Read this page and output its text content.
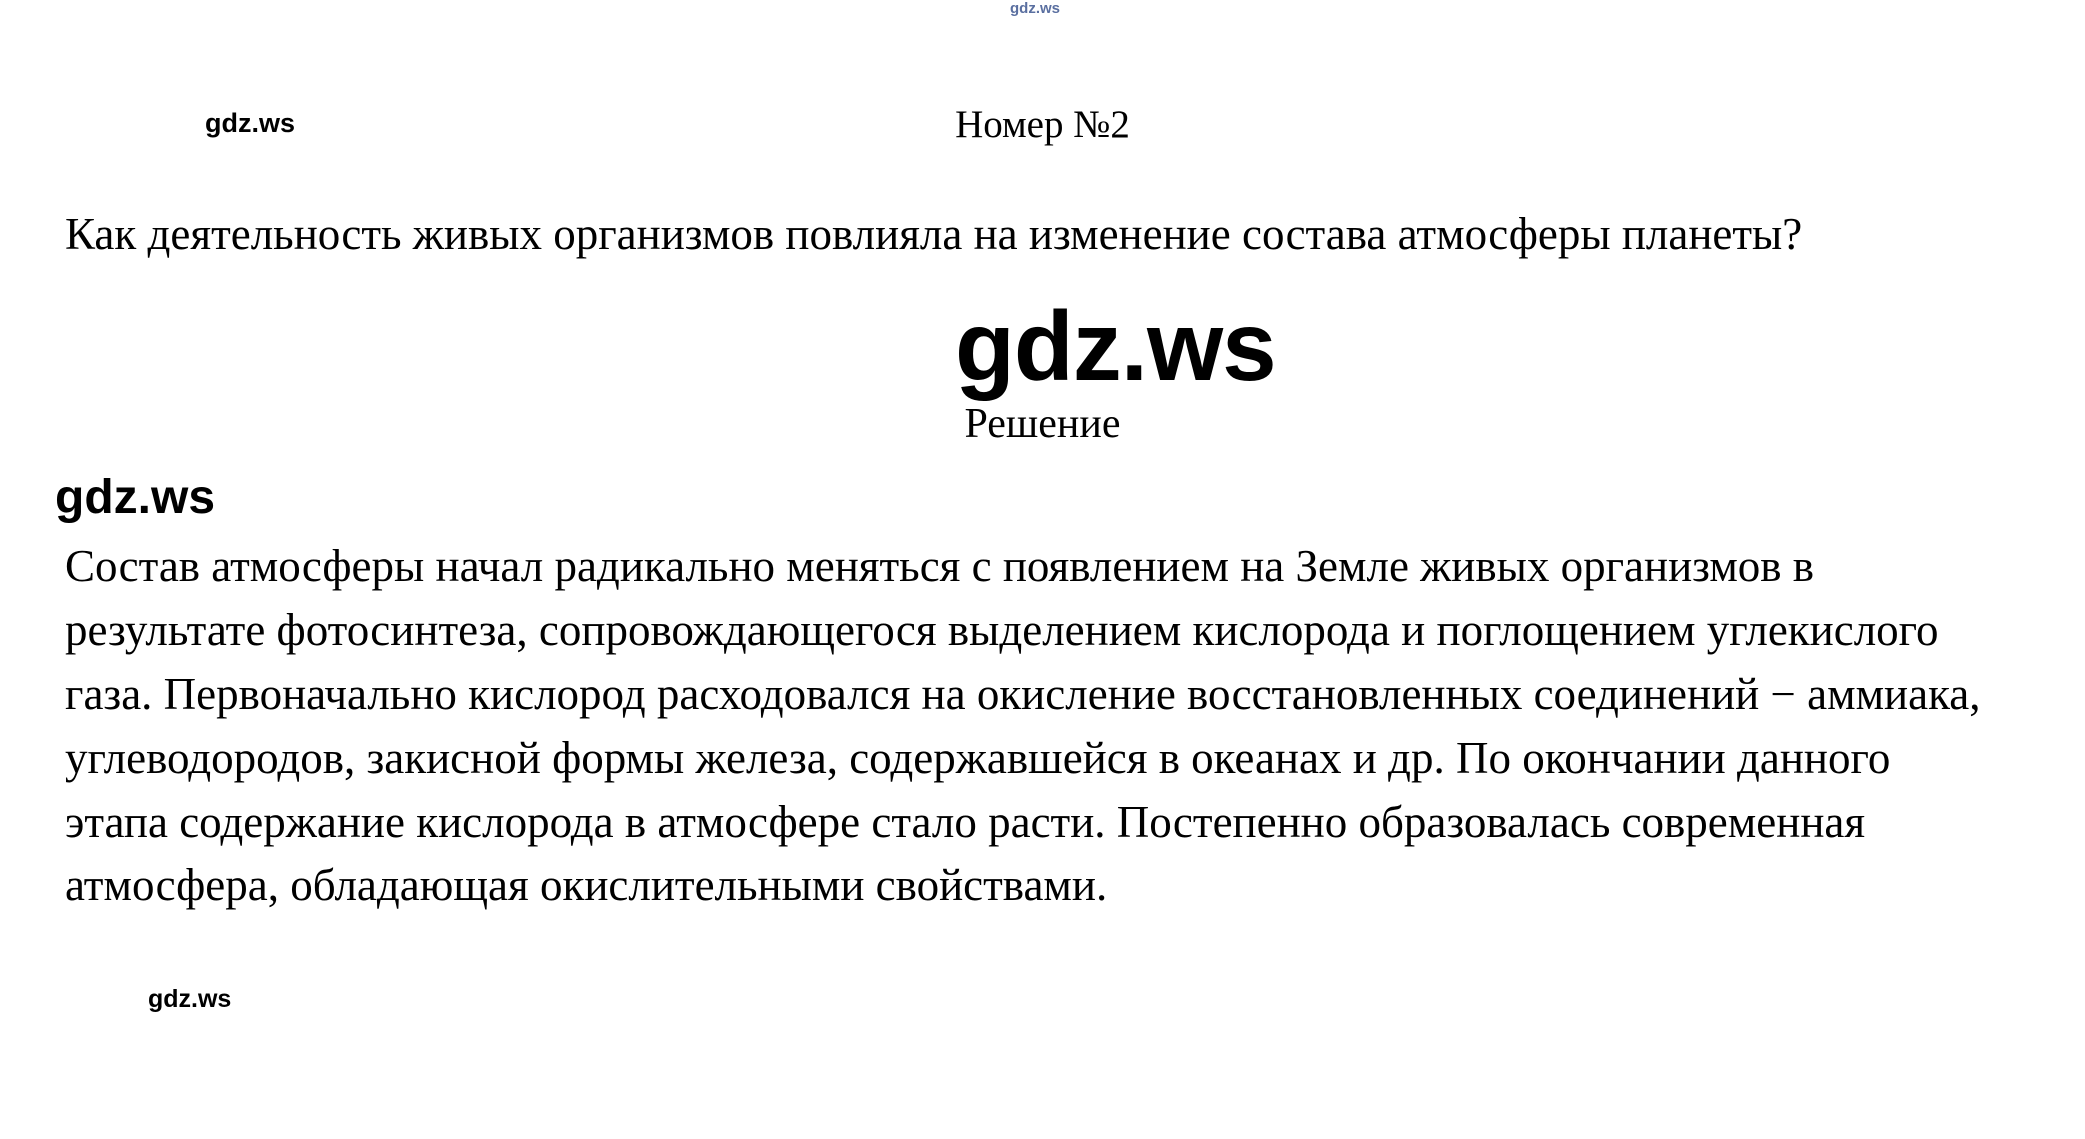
gdz.ws
gdz.ws	Номер №2
Как деятельность живых организмов повлияла на изменение состава атмосферы планеты?
gdz.ws
Решение
gdz.ws
Состав атмосферы начал радикально меняться с появлением на Земле живых организмов в результате фотосинтеза, сопровождающегося выделением кислорода и поглощением углекислого газа. Первоначально кислород расходовался на окисление восстановленных соединений − аммиака, углеводородов, закисной формы железа, содержавшейся в океанах и др. По окончании данного этапа содержание кислорода в атмосфере стало расти. Постепенно образовалась современная атмосфера, обладающая окислительными свойствами.
gdz.ws
